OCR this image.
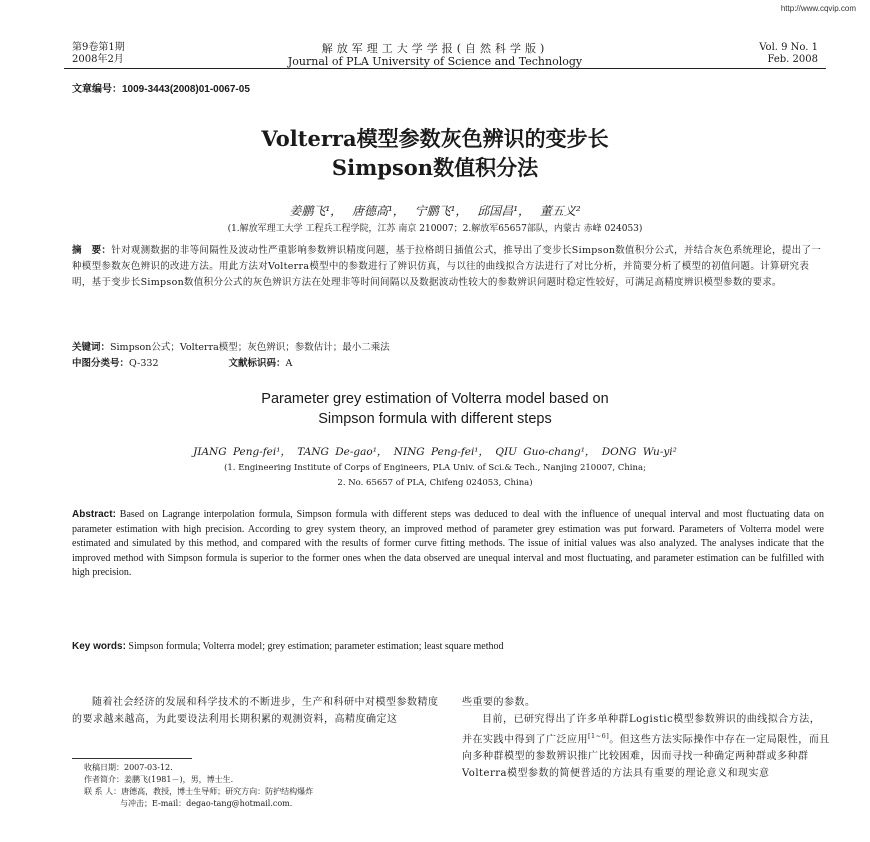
http://www.cqvip.com
第9卷第1期
2008年2月
解放军理工大学学报(自然科学版)
Journal of PLA University of Science and Technology
Vol. 9 No. 1
Feb. 2008
文章编号：1009-3443(2008)01-0067-05
Volterra模型参数灰色辨识的变步长
Simpson数值积分法
姜鹏飞¹， 唐德高¹， 宁鹏飞¹， 邱国昌¹， 董五义²
(1.解放军理工大学 工程兵工程学院，江苏 南京 210007；2.解放军65657部队，内蒙古 赤峰 024053)
摘　要：针对观测数据的非等间隔性及波动性严重影响参数辨识精度问题，基于拉格朗日插值公式，推导出了变步长Simpson数值积分公式，并结合灰色系统理论，提出了一种模型参数灰色辨识的改进方法。用此方法对Volterra模型中的参数进行了辨识仿真，与以往的曲线拟合方法进行了对比分析，并简要分析了模型的初值问题。计算研究表明，基于变步长Simpson数值积分公式的灰色辨识方法在处理非等时间间隔以及数据波动性较大的参数辨识问题时稳定性较好，可满足高精度辨识模型参数的要求。
关键词：Simpson公式；Volterra模型；灰色辨识；参数估计；最小二乘法
中图分类号：Q-332	文献标识码：A
Parameter grey estimation of Volterra model based on
Simpson formula with different steps
JIANG Peng-fei¹， TANG De-gao¹， NING Peng-fei¹， QIU Guo-chang¹， DONG Wu-yi²
(1. Engineering Institute of Corps of Engineers, PLA Univ. of Sci.& Tech., Nanjing 210007, China;
2. No. 65657 of PLA, Chifeng 024053, China)
Abstract: Based on Lagrange interpolation formula, Simpson formula with different steps was deduced to deal with the influence of unequal interval and most fluctuating data on parameter estimation with high precision. According to grey system theory, an improved method of parameter grey estimation was put forward. Parameters of Volterra model were estimated and simulated by this method, and compared with the results of former curve fitting methods. The issue of initial values was also analyzed. The analyses indicate that the improved method with Simpson formula is superior to the former ones when the data observed are unequal interval and most fluctuating, and parameter estimation can be fulfilled with high precision.
Key words: Simpson formula; Volterra model; grey estimation; parameter estimation; least square method
随着社会经济的发展和科学技术的不断进步，生产和科研中对模型参数精度的要求越来越高，为此要设法利用长期积累的观测资料，高精度确定这

些重要的参数。

目前，已研究得出了许多单种群Logistic模型参数辨识的曲线拟合方法，并在实践中得到了广泛应用[1~6]。但这些方法实际操作中存在一定局限性，而且向多种群模型的参数辨识推广比较困难，因而寻找一种确定两种群或多种群Volterra模型参数的简便普适的方法具有重要的理论意义和现实意

收稿日期：2007-03-12.
作者简介：姜鹏飞(1981－)，男，博士生.
联 系 人：唐德高，教授，博士生导师；研究方向：防护结构爆炸
与冲击；E-mail：degao-tang@hotmail.com.
